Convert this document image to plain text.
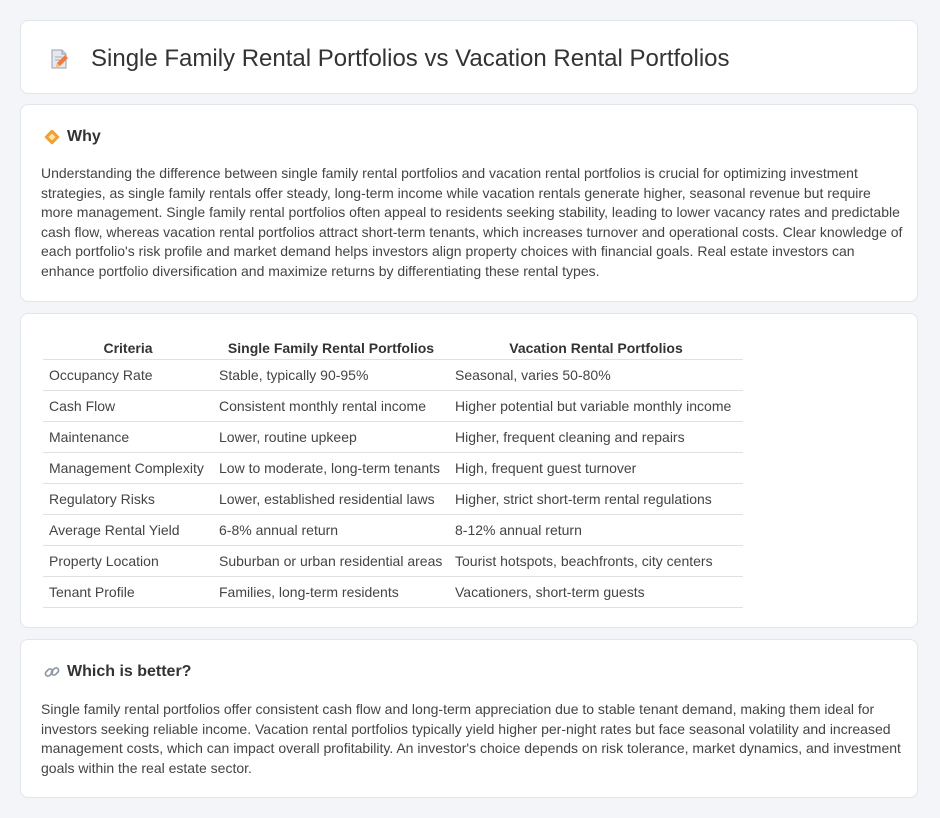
Single Family Rental Portfolios vs Vacation Rental Portfolios
Why

Understanding the difference between single family rental portfolios and vacation rental portfolios is crucial for optimizing investment strategies, as single family rentals offer steady, long-term income while vacation rentals generate higher, seasonal revenue but require more management. Single family rental portfolios often appeal to residents seeking stability, leading to lower vacancy rates and predictable cash flow, whereas vacation rental portfolios attract short-term tenants, which increases turnover and operational costs. Clear knowledge of each portfolio's risk profile and market demand helps investors align property choices with financial goals. Real estate investors can enhance portfolio diversification and maximize returns by differentiating these rental types.

Criteria	Single Family Rental Portfolios	Vacation Rental Portfolios
Occupancy Rate	Stable, typically 90-95%	Seasonal, varies 50-80%
Cash Flow	Consistent monthly rental income	Higher potential but variable monthly income
Maintenance	Lower, routine upkeep	Higher, frequent cleaning and repairs
Management Complexity	Low to moderate, long-term tenants	High, frequent guest turnover
Regulatory Risks	Lower, established residential laws	Higher, strict short-term rental regulations
Average Rental Yield	6-8% annual return	8-12% annual return
Property Location	Suburban or urban residential areas	Tourist hotspots, beachfronts, city centers
Tenant Profile	Families, long-term residents	Vacationers, short-term guests
Which is better?

Single family rental portfolios offer consistent cash flow and long-term appreciation due to stable tenant demand, making them ideal for investors seeking reliable income. Vacation rental portfolios typically yield higher per-night rates but face seasonal volatility and increased management costs, which can impact overall profitability. An investor's choice depends on risk tolerance, market dynamics, and investment goals within the real estate sector.
